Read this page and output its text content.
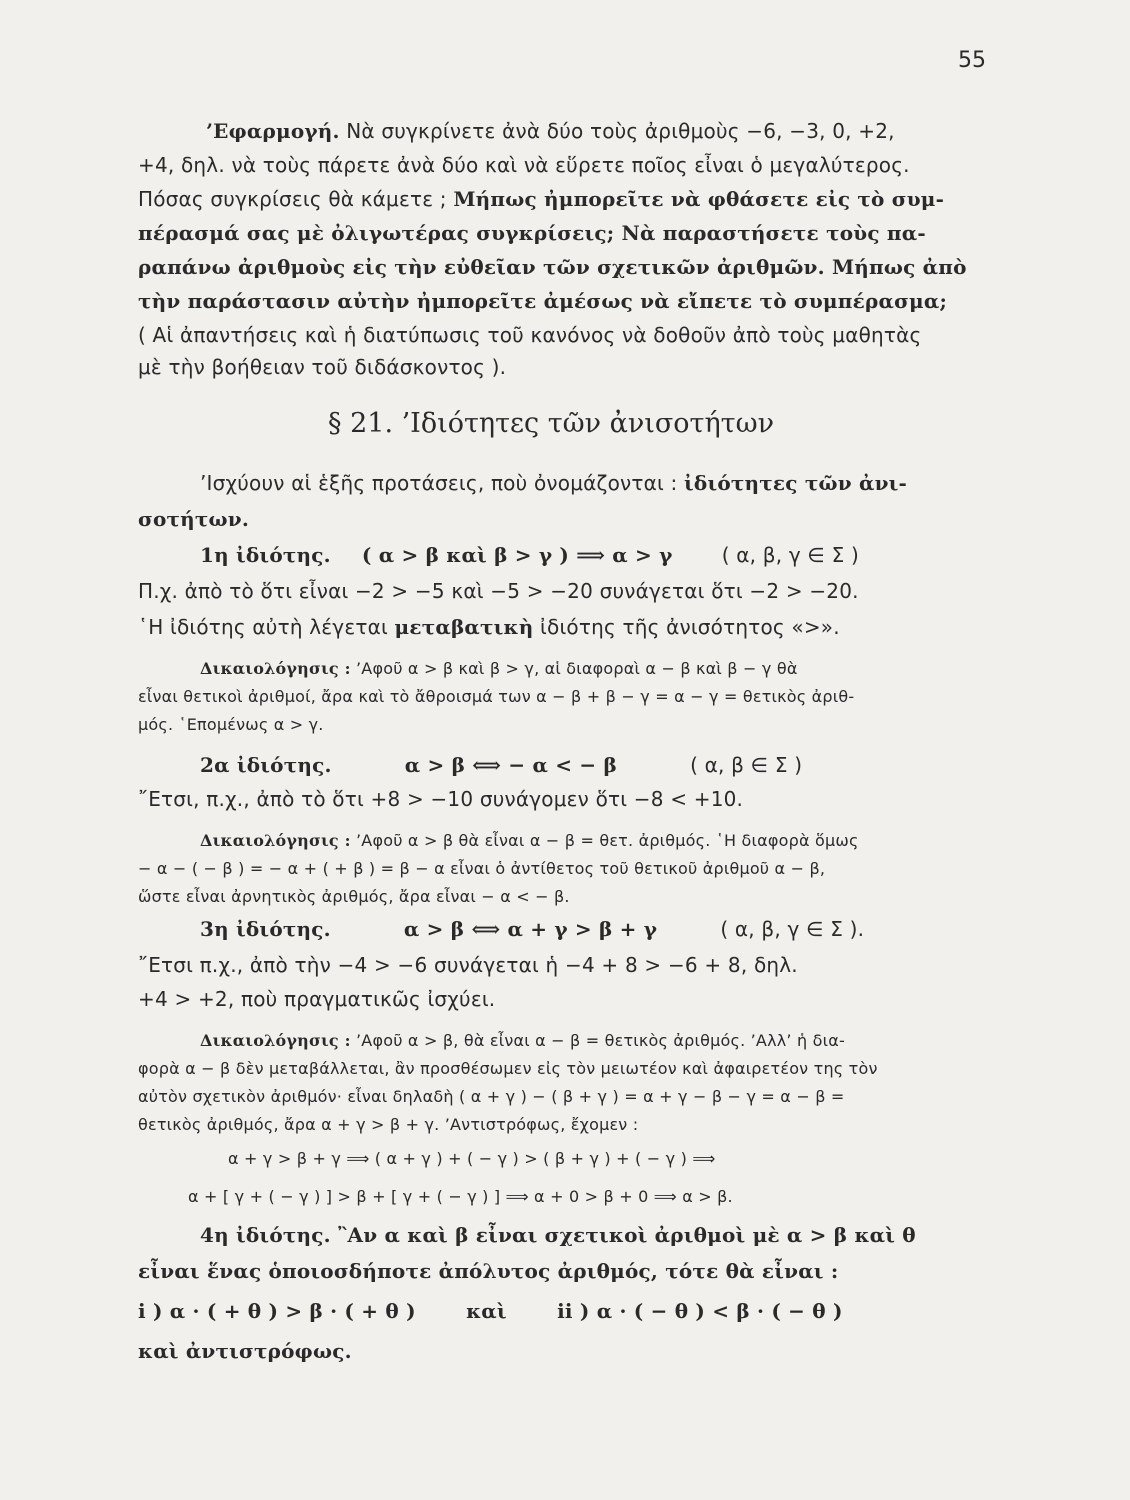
55
’Εφαρμογή. Νὰ συγκρίνετε ἀνὰ δύο τοὺς ἀριθμοὺς −6, −3, 0, +2,
+4, δηλ. νὰ τοὺς πάρετε ἀνὰ δύο καὶ νὰ εὕρετε ποῖος εἶναι ὁ μεγαλύτερος.
Πόσας συγκρίσεις θὰ κάμετε ; Μήπως ἠμπορεῖτε νὰ φθάσετε εἰς τὸ συμ-
πέρασμά σας μὲ ὀλιγωτέρας συγκρίσεις; Νὰ παραστήσετε τοὺς πα-
ραπάνω ἀριθμοὺς εἰς τὴν εὐθεῖαν τῶν σχετικῶν ἀριθμῶν. Μήπως ἀπὸ
τὴν παράστασιν αὐτὴν ἠμπορεῖτε ἀμέσως νὰ εἴπετε τὸ συμπέρασμα;
( Αἱ ἀπαντήσεις καὶ ἡ διατύπωσις τοῦ κανόνος νὰ δοθοῦν ἀπὸ τοὺς μαθητὰς
μὲ τὴν βοήθειαν τοῦ διδάσκοντος ).
§ 21. ’Ιδιότητες τῶν ἀνισοτήτων
’Ισχύουν αἱ ἑξῆς προτάσεις, ποὺ ὀνομάζονται : ἰδιότητες τῶν ἀνι-
σοτήτων.
1η ἰδιότης. ( α > β καὶ β > γ ) ⟹ α > γ ( α, β, γ ∈ Σ )
Π.χ. ἀπὸ τὸ ὅτι εἶναι −2 > −5 καὶ −5 > −20 συνάγεται ὅτι −2 > −20.
῾Η ἰδιότης αὐτὴ λέγεται μεταβατικὴ ἰδιότης τῆς ἀνισότητος «>».
Δικαιολόγησις : ’Αφοῦ α > β καὶ β > γ, αἱ διαφοραὶ α − β καὶ β − γ θὰ
εἶναι θετικοὶ ἀριθμοί, ἄρα καὶ τὸ ἄθροισμά των α − β + β − γ = α − γ = θετικὸς ἀριθ-
μός. ῾Επομένως α > γ.
2α ἰδιότης.	α > β ⟺ − α < − β	( α, β ∈ Σ )
῎Ετσι, π.χ., ἀπὸ τὸ ὅτι +8 > −10 συνάγομεν ὅτι −8 < +10.
Δικαιολόγησις : ’Αφοῦ α > β θὰ εἶναι α − β = θετ. ἀριθμός. ῾Η διαφορὰ ὅμως
− α − ( − β ) = − α + ( + β ) = β − α εἶναι ὁ ἀντίθετος τοῦ θετικοῦ ἀριθμοῦ α − β,
ὥστε εἶναι ἀρνητικὸς ἀριθμός, ἄρα εἶναι − α < − β.
3η ἰδιότης.	α > β ⟺ α + γ > β + γ	( α, β, γ ∈ Σ ).
῎Ετσι π.χ., ἀπὸ τὴν −4 > −6 συνάγεται ἡ −4 + 8 > −6 + 8, δηλ.
+4 > +2, ποὺ πραγματικῶς ἰσχύει.
Δικαιολόγησις : ’Αφοῦ α > β, θὰ εἶναι α − β = θετικὸς ἀριθμός. ’Αλλ’ ἡ δια-
φορὰ α − β δὲν μεταβάλλεται, ἂν προσθέσωμεν εἰς τὸν μειωτέον καὶ ἀφαιρετέον της τὸν
αὐτὸν σχετικὸν ἀριθμόν· εἶναι δηλαδὴ ( α + γ ) − ( β + γ ) = α + γ − β − γ = α − β =
θετικὸς ἀριθμός, ἄρα α + γ > β + γ. ’Αντιστρόφως, ἔχομεν :
α + γ > β + γ ⟹ ( α + γ ) + ( − γ ) > ( β + γ ) + ( − γ ) ⟹
α + [ γ + ( − γ ) ] > β + [ γ + ( − γ ) ] ⟹ α + 0 > β + 0 ⟹ α > β.
4η ἰδιότης. ῍Αν α καὶ β εἶναι σχετικοὶ ἀριθμοὶ μὲ α > β καὶ θ
εἶναι ἕνας ὁποιοσδήποτε ἀπόλυτος ἀριθμός, τότε θὰ εἶναι :
i ) α · ( + θ ) > β · ( + θ )	καὶ	ii ) α · ( − θ ) < β · ( − θ )
καὶ ἀντιστρόφως.
